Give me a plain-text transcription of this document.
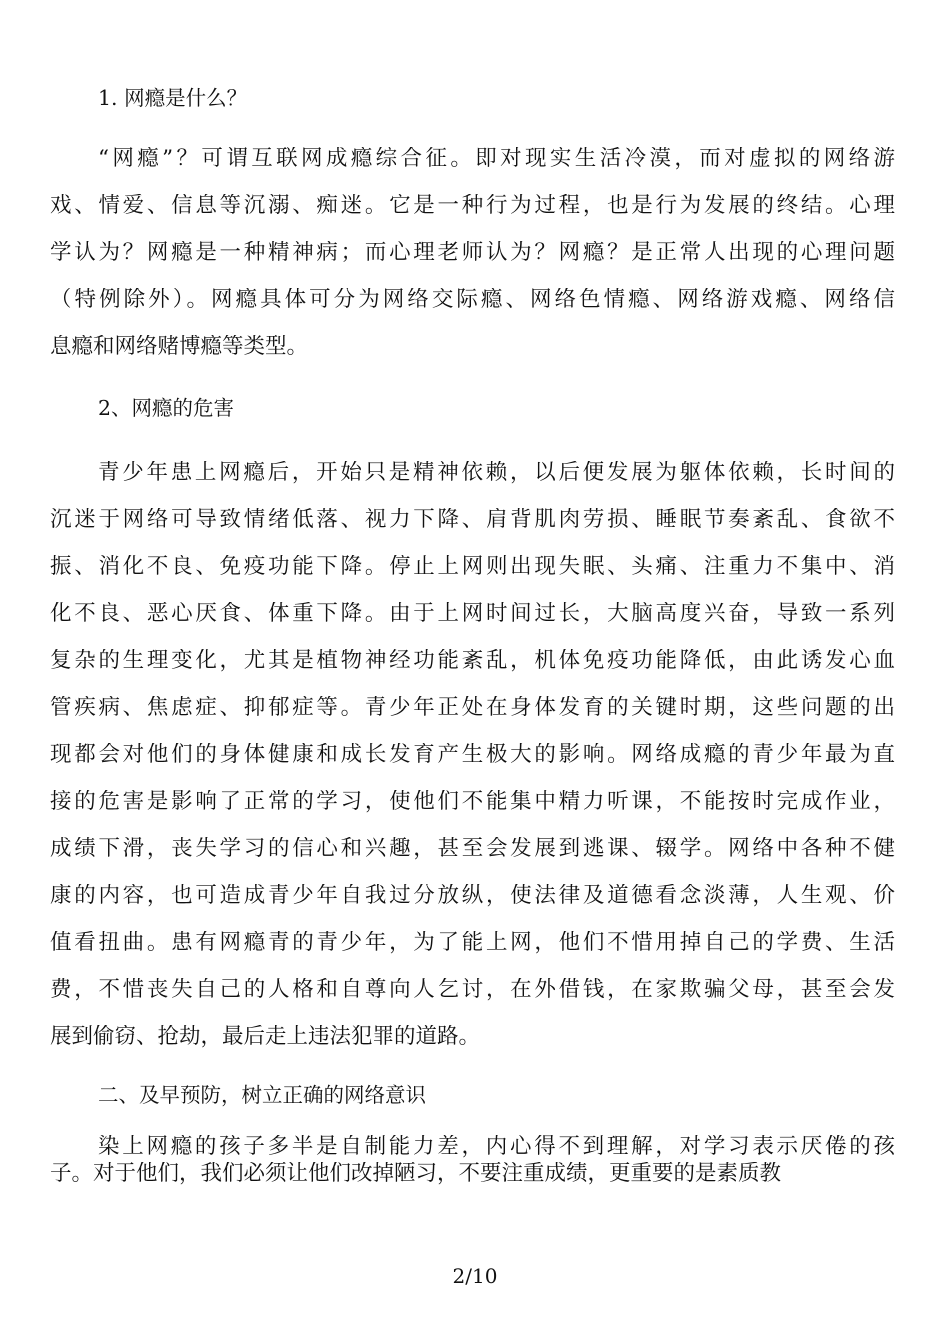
1. 网瘾是什么？
“网瘾”？可谓互联网成瘾综合征。即对现实生活冷漠，而对虚拟的网络游
戏、情爱、信息等沉溺、痴迷。它是一种行为过程，也是行为发展的终结。心理
学认为？网瘾是一种精神病；而心理老师认为？网瘾？是正常人出现的心理问题
（特例除外）。网瘾具体可分为网络交际瘾、网络色情瘾、网络游戏瘾、网络信
息瘾和网络赌博瘾等类型。
2、网瘾的危害
青少年患上网瘾后，开始只是精神依赖，以后便发展为躯体依赖，长时间的
沉迷于网络可导致情绪低落、视力下降、肩背肌肉劳损、睡眠节奏紊乱、食欲不
振、消化不良、免疫功能下降。停止上网则出现失眠、头痛、注重力不集中、消
化不良、恶心厌食、体重下降。由于上网时间过长，大脑高度兴奋，导致一系列
复杂的生理变化，尤其是植物神经功能紊乱，机体免疫功能降低，由此诱发心血
管疾病、焦虑症、抑郁症等。青少年正处在身体发育的关键时期，这些问题的出
现都会对他们的身体健康和成长发育产生极大的影响。网络成瘾的青少年最为直
接的危害是影响了正常的学习，使他们不能集中精力听课，不能按时完成作业，
成绩下滑，丧失学习的信心和兴趣，甚至会发展到逃课、辍学。网络中各种不健
康的内容，也可造成青少年自我过分放纵，使法律及道德看念淡薄，人生观、价
值看扭曲。患有网瘾青的青少年，为了能上网，他们不惜用掉自己的学费、生活
费，不惜丧失自己的人格和自尊向人乞讨，在外借钱，在家欺骗父母，甚至会发
展到偷窃、抢劫，最后走上违法犯罪的道路。
二、及早预防，树立正确的网络意识
染上网瘾的孩子多半是自制能力差，内心得不到理解，对学习表示厌倦的孩
子。对于他们，我们必须让他们改掉陋习，不要注重成绩，更重要的是素质教
2/10
